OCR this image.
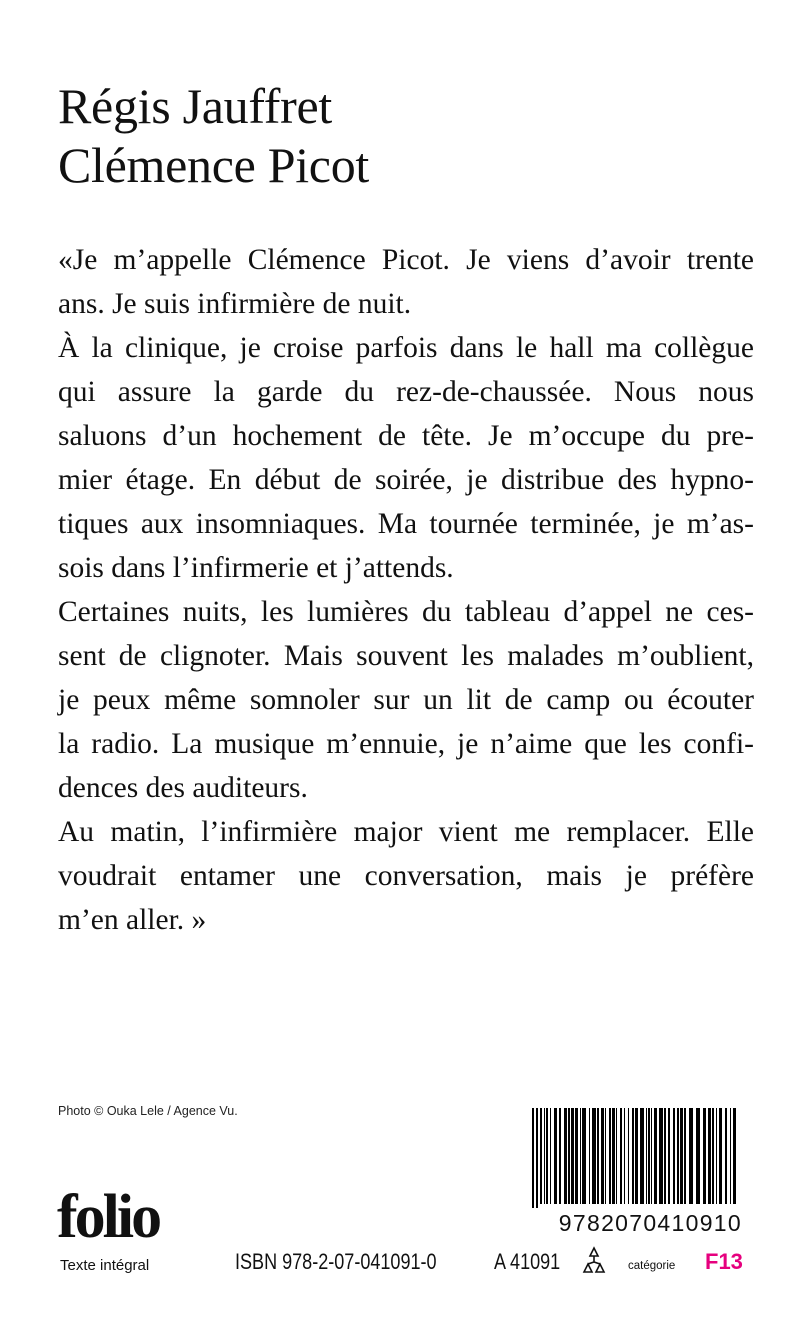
Régis Jauffret
Clémence Picot

«Je m’appelle Clémence Picot. Je viens d’avoir trente
ans. Je suis infirmière de nuit.

À la clinique, je croise parfois dans le hall ma collègue
qui assure la garde du rez-de-chaussée. Nous nous
saluons d’un hochement de tête. Je m’occupe du pre-
mier étage. En début de soirée, je distribue des hypno-
tiques aux insomniaques. Ma tournée terminée, je m’as-
sois dans l’infirmerie et j’attends.

Certaines nuits, les lumières du tableau d’appel ne ces-
sent de clignoter. Mais souvent les malades m’oublient,
je peux même somnoler sur un lit de camp ou écouter
la radio. La musique m’ennuie, je n’aime que les confi-
dences des auditeurs.

Au matin, l’infirmière major vient me remplacer. Elle
voudrait entamer une conversation, mais je préfère
m’en aller. »

Photo © Ouka Lele / Agence Vu.
9782070410910
folio
Texte intégral	ISBN 978-2-07-041091-0	A 41091	catégorie F13
